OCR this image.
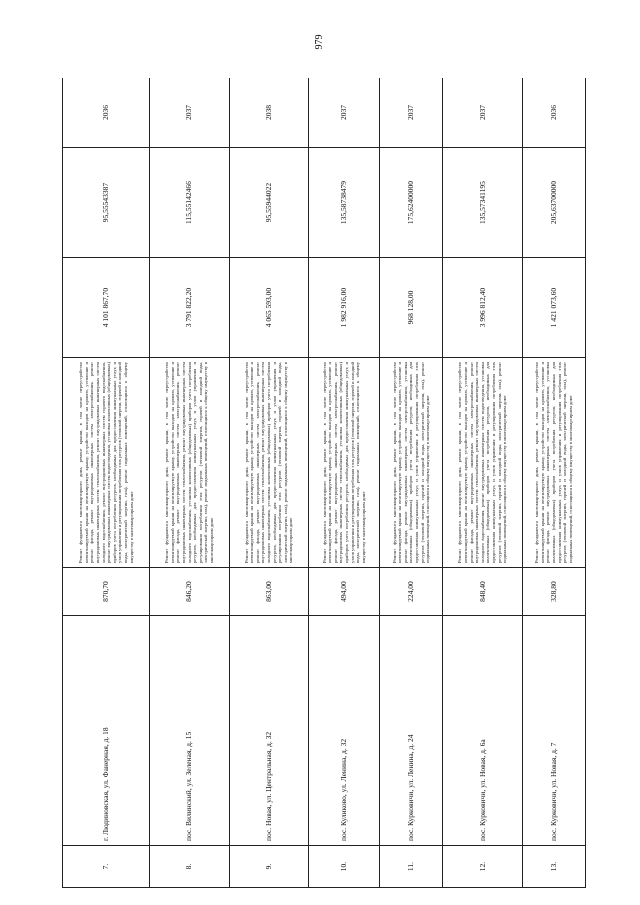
979
7.	г. Людиновская, ул. Фанерная, д. 18	870,70	Ремонт фундамента многоквартирного дома, ремонт крыши, в том числе переустройство невентилируемой крыши на вентилируемую крышу, устройство выходов на кровлю, утепление и ремонт фасада, ремонт внутридомовых инженерных систем электроснабжения, ремонт внутридомовых инженерных систем теплоснабжения, ремонт внутридомовых инженерных систем холодного водоснабжения, ремонт внутридомовых инженерных систем горячего водоснабжения, ремонт внутридомовых инженерных систем водоотведения, установка коллективных (общедомовых) приборов учета потребления ресурсов, необходимых для предоставления коммунальных услуг, и узлов управления и регулирования потребления этих ресурсов (тепловой энергии, горячей и холодной воды, электрической энергии, газа), ремонт подвальных помещений, относящихся к общему имуществу в многоквартирном доме	4 101 867,70	95,55543387	2036
8.	пос. Вилинский, ул. Зеленая, д. 15	846,20	Ремонт фундамента многоквартирного дома, ремонт крыши, в том числе переустройство невентилируемой крыши на вентилируемую крышу, устройство выходов на кровлю, утепление и ремонт фасада, ремонт внутридомовых инженерных систем электроснабжения, ремонт внутридомовых инженерных систем теплоснабжения, ремонт внутридомовых инженерных систем холодного водоснабжения, установка коллективных (общедомовых) приборов учета потребления ресурсов, необходимых для предоставления коммунальных услуг, и узлов управления и регулирования потребления этих ресурсов (тепловой энергии, горячей и холодной воды, электрической энергии, газа), ремонт подвальных помещений, относящихся к общему имуществу в многоквартирном доме	3 791 822,20	115,55142466	2037
9.	пос. Новая, ул. Центральная, д. 32	863,00	Ремонт фундамента многоквартирного дома, ремонт крыши, в том числе переустройство невентилируемой крыши на вентилируемую крышу, устройство выходов на кровлю, утепление и ремонт фасада, ремонт внутридомовых инженерных систем электроснабжения, ремонт внутридомовых инженерных систем теплоснабжения, ремонт внутридомовых инженерных систем холодного водоснабжения, установка коллективных (общедомовых) приборов учета потребления ресурсов, необходимых для предоставления коммунальных услуг, и узлов управления и регулирования потребления этих ресурсов (тепловой энергии, горячей и холодной воды, электрической энергии, газа), ремонт подвальных помещений, относящихся к общему имуществу в многоквартирном доме	4 065 593,00	95,55944022	2038
10.	пос. Куликово, ул. Ленина, д. 32	494,00	Ремонт фундамента многоквартирного дома, ремонт крыши, в том числе переустройство невентилируемой крыши на вентилируемую крышу, устройство выходов на кровлю, утепление и ремонт фасада, ремонт внутридомовых инженерных систем электроснабжения, ремонт внутридомовых инженерных систем теплоснабжения, установка коллективных (общедомовых) приборов учета потребления ресурсов, необходимых для предоставления коммунальных услуг, и узлов управления и регулирования потребления этих ресурсов (тепловой энергии, горячей и холодной воды, электрической энергии, газа), ремонт подвальных помещений, относящихся к общему имуществу в многоквартирном доме	1 982 916,00	135,58738479	2037
11.	пос. Курковичи, ул. Ленина, д. 24	224,00	Ремонт фундамента многоквартирного дома, ремонт крыши, в том числе переустройство невентилируемой крыши на вентилируемую крышу, устройство выходов на кровлю, утепление и ремонт фасада, ремонт внутридомовых инженерных систем электроснабжения, установка коллективных (общедомовых) приборов учета потребления ресурсов, необходимых для предоставления коммунальных услуг, и узлов управления и регулирования потребления этих ресурсов (тепловой энергии, горячей и холодной воды, электрической энергии, газа), ремонт подвальных помещений, относящихся к общему имуществу в многоквартирном доме	968 128,00	175,62400000	2037
12.	пос. Курковичи, ул. Новая, д. 6а	848,40	Ремонт фундамента многоквартирного дома, ремонт крыши, в том числе переустройство невентилируемой крыши на вентилируемую крышу, устройство выходов на кровлю, утепление и ремонт фасада, ремонт внутридомовых инженерных систем электроснабжения, ремонт внутридомовых инженерных систем теплоснабжения, ремонт внутридомовых инженерных систем холодного водоснабжения, ремонт внутридомовых инженерных систем водоотведения, установка коллективных (общедомовых) приборов учета потребления ресурсов, необходимых для предоставления коммунальных услуг, и узлов управления и регулирования потребления этих ресурсов (тепловой энергии, горячей и холодной воды, электрической энергии, газа), ремонт подвальных помещений, относящихся к общему имуществу в многоквартирном доме	3 996 812,40	135,57341195	2037
13.	пос. Курковичи, ул. Новая, д. 7	328,80	Ремонт фундамента многоквартирного дома, ремонт крыши, в том числе переустройство невентилируемой крыши на вентилируемую крышу, устройство выходов на кровлю, утепление и ремонт фасада, ремонт внутридомовых инженерных систем электроснабжения, установка коллективных (общедомовых) приборов учета потребления ресурсов, необходимых для предоставления коммунальных услуг, и узлов управления и регулирования потребления этих ресурсов (тепловой энергии, горячей и холодной воды, электрической энергии, газа), ремонт подвальных помещений, относящихся к общему имуществу в многоквартирном доме	1 421 073,60	205,63700000	2036
